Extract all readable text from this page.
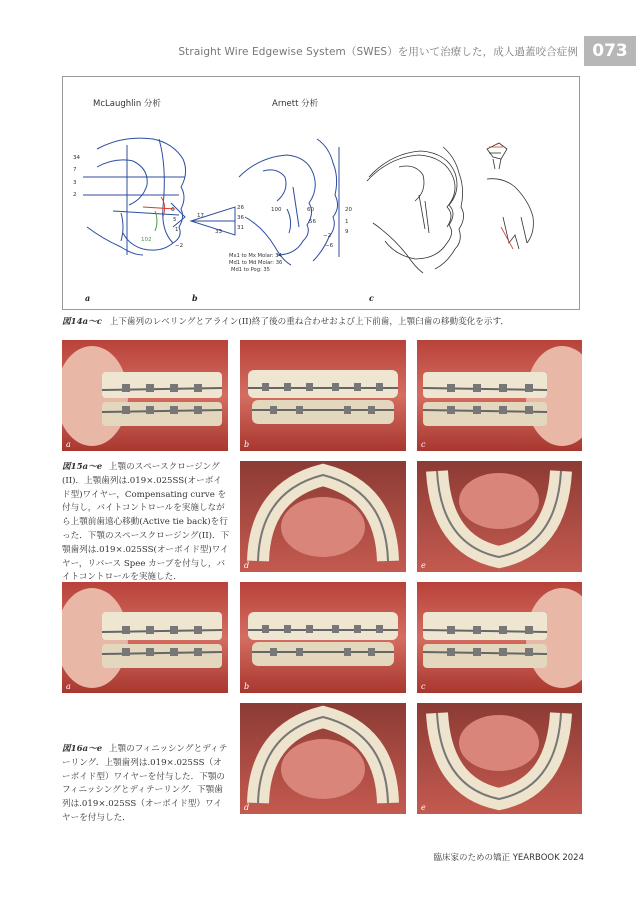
Straight Wire Edgewise System（SWES）を用いて治療した，成人過蓋咬合症例 073
McLaughlin 分析	Arnett 分析
34
7
3
2
6
5
1
102
−2
17
26
36
31
33
100	60
56
20
1
9
−2
−6
Mx1 to Mx Molar: 34
Md1 to Md Molar: 36
Md1 to Pog: 35
a	b	c
図14a〜c 上下歯列のレベリングとアライン(II)終了後の重ね合わせおよび上下前歯，上顎臼歯の移動変化を示す．
a	b	c
図15a〜e 上顎のスペースクロージング(II)．上顎歯列は.019×.025SS(オーボイド型)ワイヤー，Compensating curve を付与し，バイトコントロールを実施しながら上顎前歯遠心移動(Active tie back)を行った．下顎のスペースクロージング(II)．下顎歯列は.019×.025SS(オーボイド型)ワイヤー，リバース Spee カーブを付与し，バイトコントロールを実施した．
d	e
a	b	c
d	e
図16a〜e 上顎のフィニッシングとディテーリング．上顎歯列は.019×.025SS（オーボイド型）ワイヤーを付与した．下顎のフィニッシングとディテーリング．下顎歯列は.019×.025SS（オーボイド型）ワイヤーを付与した．
臨床家のための矯正 YEARBOOK 2024
